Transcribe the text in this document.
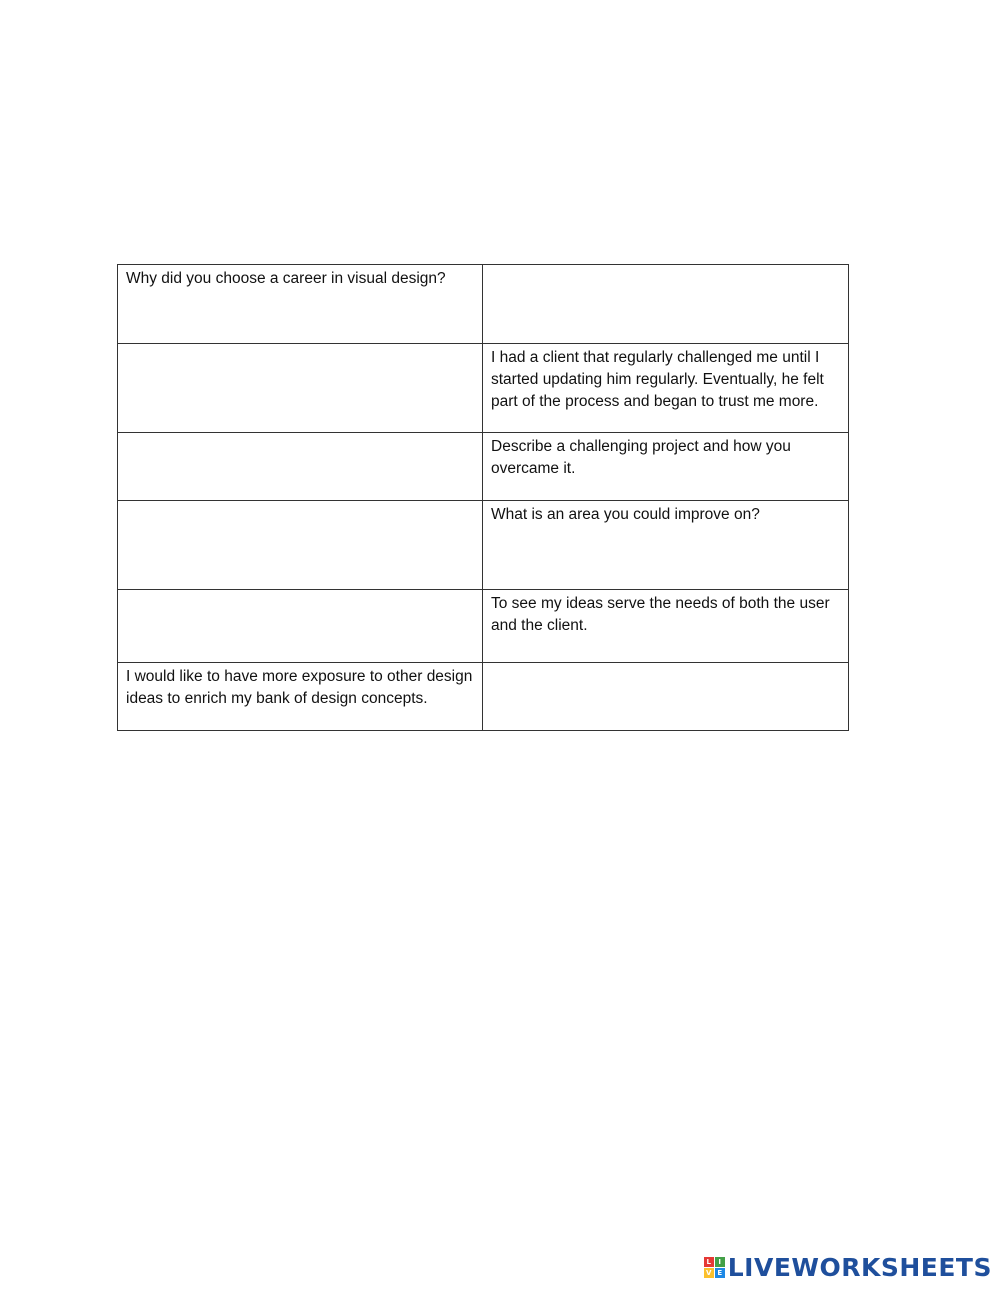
Why did you choose a career in visual design?	

	I had a client that regularly challenged me until I started updating him regularly. Eventually, he felt part of the process and began to trust me more.

	Describe a challenging project and how you overcame it.

	What is an area you could improve on?

	To see my ideas serve the needs of both the user and the client.
I would like to have more exposure to other design ideas to enrich my bank of design concepts.	
L	I
V E LIVEWORKSHEETS
